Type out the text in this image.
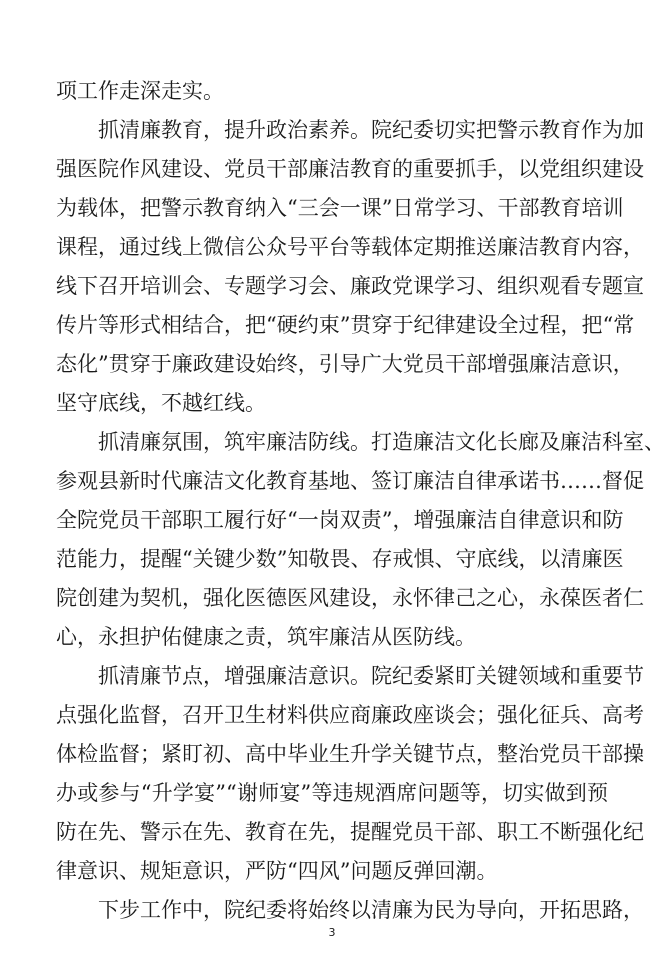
项工作走深走实。
抓清廉教育，提升政治素养。院纪委切实把警示教育作为加
强医院作风建设、党员干部廉洁教育的重要抓手，以党组织建设
为载体，把警示教育纳入“三会一课”日常学习、干部教育培训
课程，通过线上微信公众号平台等载体定期推送廉洁教育内容，
线下召开培训会、专题学习会、廉政党课学习、组织观看专题宣
传片等形式相结合，把“硬约束”贯穿于纪律建设全过程，把“常
态化”贯穿于廉政建设始终，引导广大党员干部增强廉洁意识，
坚守底线，不越红线。
抓清廉氛围，筑牢廉洁防线。打造廉洁文化长廊及廉洁科室、
参观县新时代廉洁文化教育基地、签订廉洁自律承诺书……督促
全院党员干部职工履行好“一岗双责”，增强廉洁自律意识和防
范能力，提醒“关键少数”知敬畏、存戒惧、守底线，以清廉医
院创建为契机，强化医德医风建设，永怀律己之心，永葆医者仁
心，永担护佑健康之责，筑牢廉洁从医防线。
抓清廉节点，增强廉洁意识。院纪委紧盯关键领域和重要节
点强化监督，召开卫生材料供应商廉政座谈会；强化征兵、高考
体检监督；紧盯初、高中毕业生升学关键节点，整治党员干部操
办或参与“升学宴”“谢师宴”等违规酒席问题等，切实做到预
防在先、警示在先、教育在先，提醒党员干部、职工不断强化纪
律意识、规矩意识，严防“四风”问题反弹回潮。
下步工作中，院纪委将始终以清廉为民为导向，开拓思路，
3
